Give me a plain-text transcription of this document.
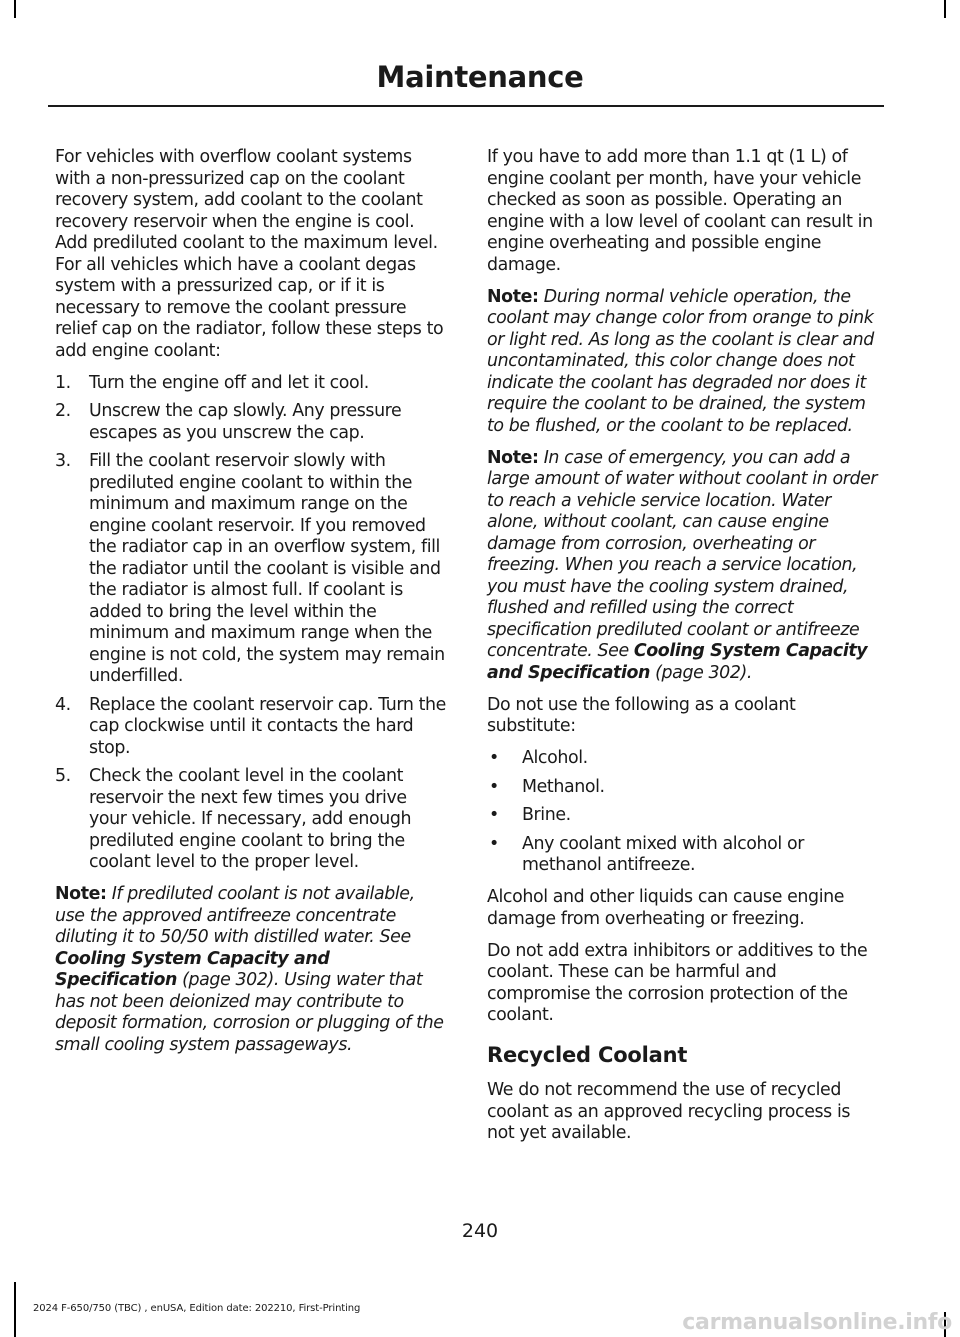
Maintenance

For vehicles with overflow coolant systems with a non-pressurized cap on the coolant recovery system, add coolant to the coolant recovery reservoir when the engine is cool. Add prediluted coolant to the maximum level. For all vehicles which have a coolant degas system with a pressurized cap, or if it is necessary to remove the coolant pressure relief cap on the radiator, follow these steps to add engine coolant:

1.	Turn the engine off and let it cool.
2.	Unscrew the cap slowly. Any pressure escapes as you unscrew the cap.
3.	Fill the coolant reservoir slowly with prediluted engine coolant to within the minimum and maximum range on the engine coolant reservoir. If you removed the radiator cap in an overflow system, fill the radiator until the coolant is visible and the radiator is almost full. If coolant is added to bring the level within the minimum and maximum range when the engine is not cold, the system may remain underfilled.
4.	Replace the coolant reservoir cap. Turn the cap clockwise until it contacts the hard stop.
5.	Check the coolant level in the coolant reservoir the next few times you drive your vehicle. If necessary, add enough prediluted engine coolant to bring the coolant level to the proper level.

Note: If prediluted coolant is not available, use the approved antifreeze concentrate diluting it to 50/50 with distilled water. See Cooling System Capacity and Specification (page 302). Using water that has not been deionized may contribute to deposit formation, corrosion or plugging of the small cooling system passageways.

If you have to add more than 1.1 qt (1 L) of engine coolant per month, have your vehicle checked as soon as possible. Operating an engine with a low level of coolant can result in engine overheating and possible engine damage.

Note: During normal vehicle operation, the coolant may change color from orange to pink or light red. As long as the coolant is clear and uncontaminated, this color change does not indicate the coolant has degraded nor does it require the coolant to be drained, the system to be flushed, or the coolant to be replaced.

Note: In case of emergency, you can add a large amount of water without coolant in order to reach a vehicle service location. Water alone, without coolant, can cause engine damage from corrosion, overheating or freezing. When you reach a service location, you must have the cooling system drained, flushed and refilled using the correct specification prediluted coolant or antifreeze concentrate. See Cooling System Capacity and Specification (page 302).

Do not use the following as a coolant substitute:

•	Alcohol.
•	Methanol.
•	Brine.
•	Any coolant mixed with alcohol or methanol antifreeze.

Alcohol and other liquids can cause engine damage from overheating or freezing.

Do not add extra inhibitors or additives to the coolant. These can be harmful and compromise the corrosion protection of the coolant.

Recycled Coolant

We do not recommend the use of recycled coolant as an approved recycling process is not yet available.

240
2024 F-650/750 (TBC) , enUSA, Edition date: 202210, First-Printing
carmanualsonline.info
